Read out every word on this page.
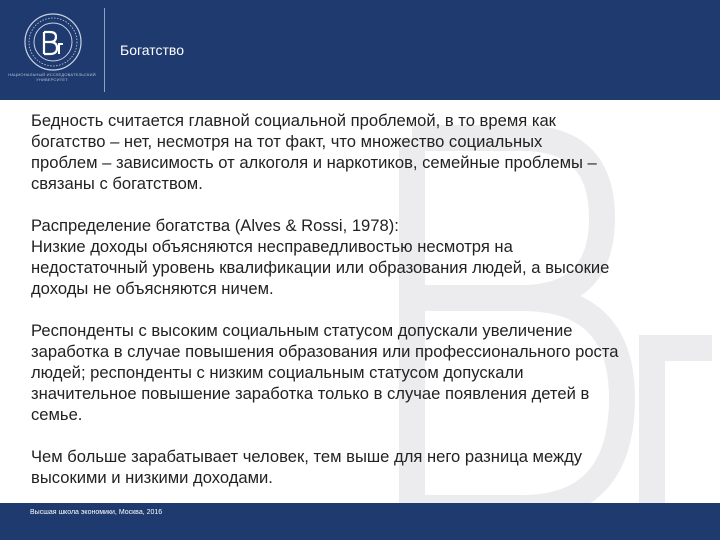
НАЦИОНАЛЬНЫЙ ИССЛЕДОВАТЕЛЬСКИЙ УНИВЕРСИТЕТ
Богатство

Бедность считается главной социальной проблемой, в то время как
богатство – нет, несмотря на тот факт, что множество социальных
проблем – зависимость от алкоголя и наркотиков, семейные проблемы –
связаны с богатством.

Распределение богатства (Alves & Rossi, 1978):
Низкие доходы объясняются несправедливостью несмотря на
недостаточный уровень квалификации или образования людей, а высокие
доходы не объясняются ничем.

Респонденты с высоким социальным статусом допускали увеличение
заработка в случае повышения образования или профессионального роста
людей; респонденты с низким социальным статусом допускали
значительное повышение заработка только в случае появления детей в
семье.

Чем больше зарабатывает человек, тем выше для него разница между
высокими и низкими доходами.

Высшая школа экономики, Москва, 2016
